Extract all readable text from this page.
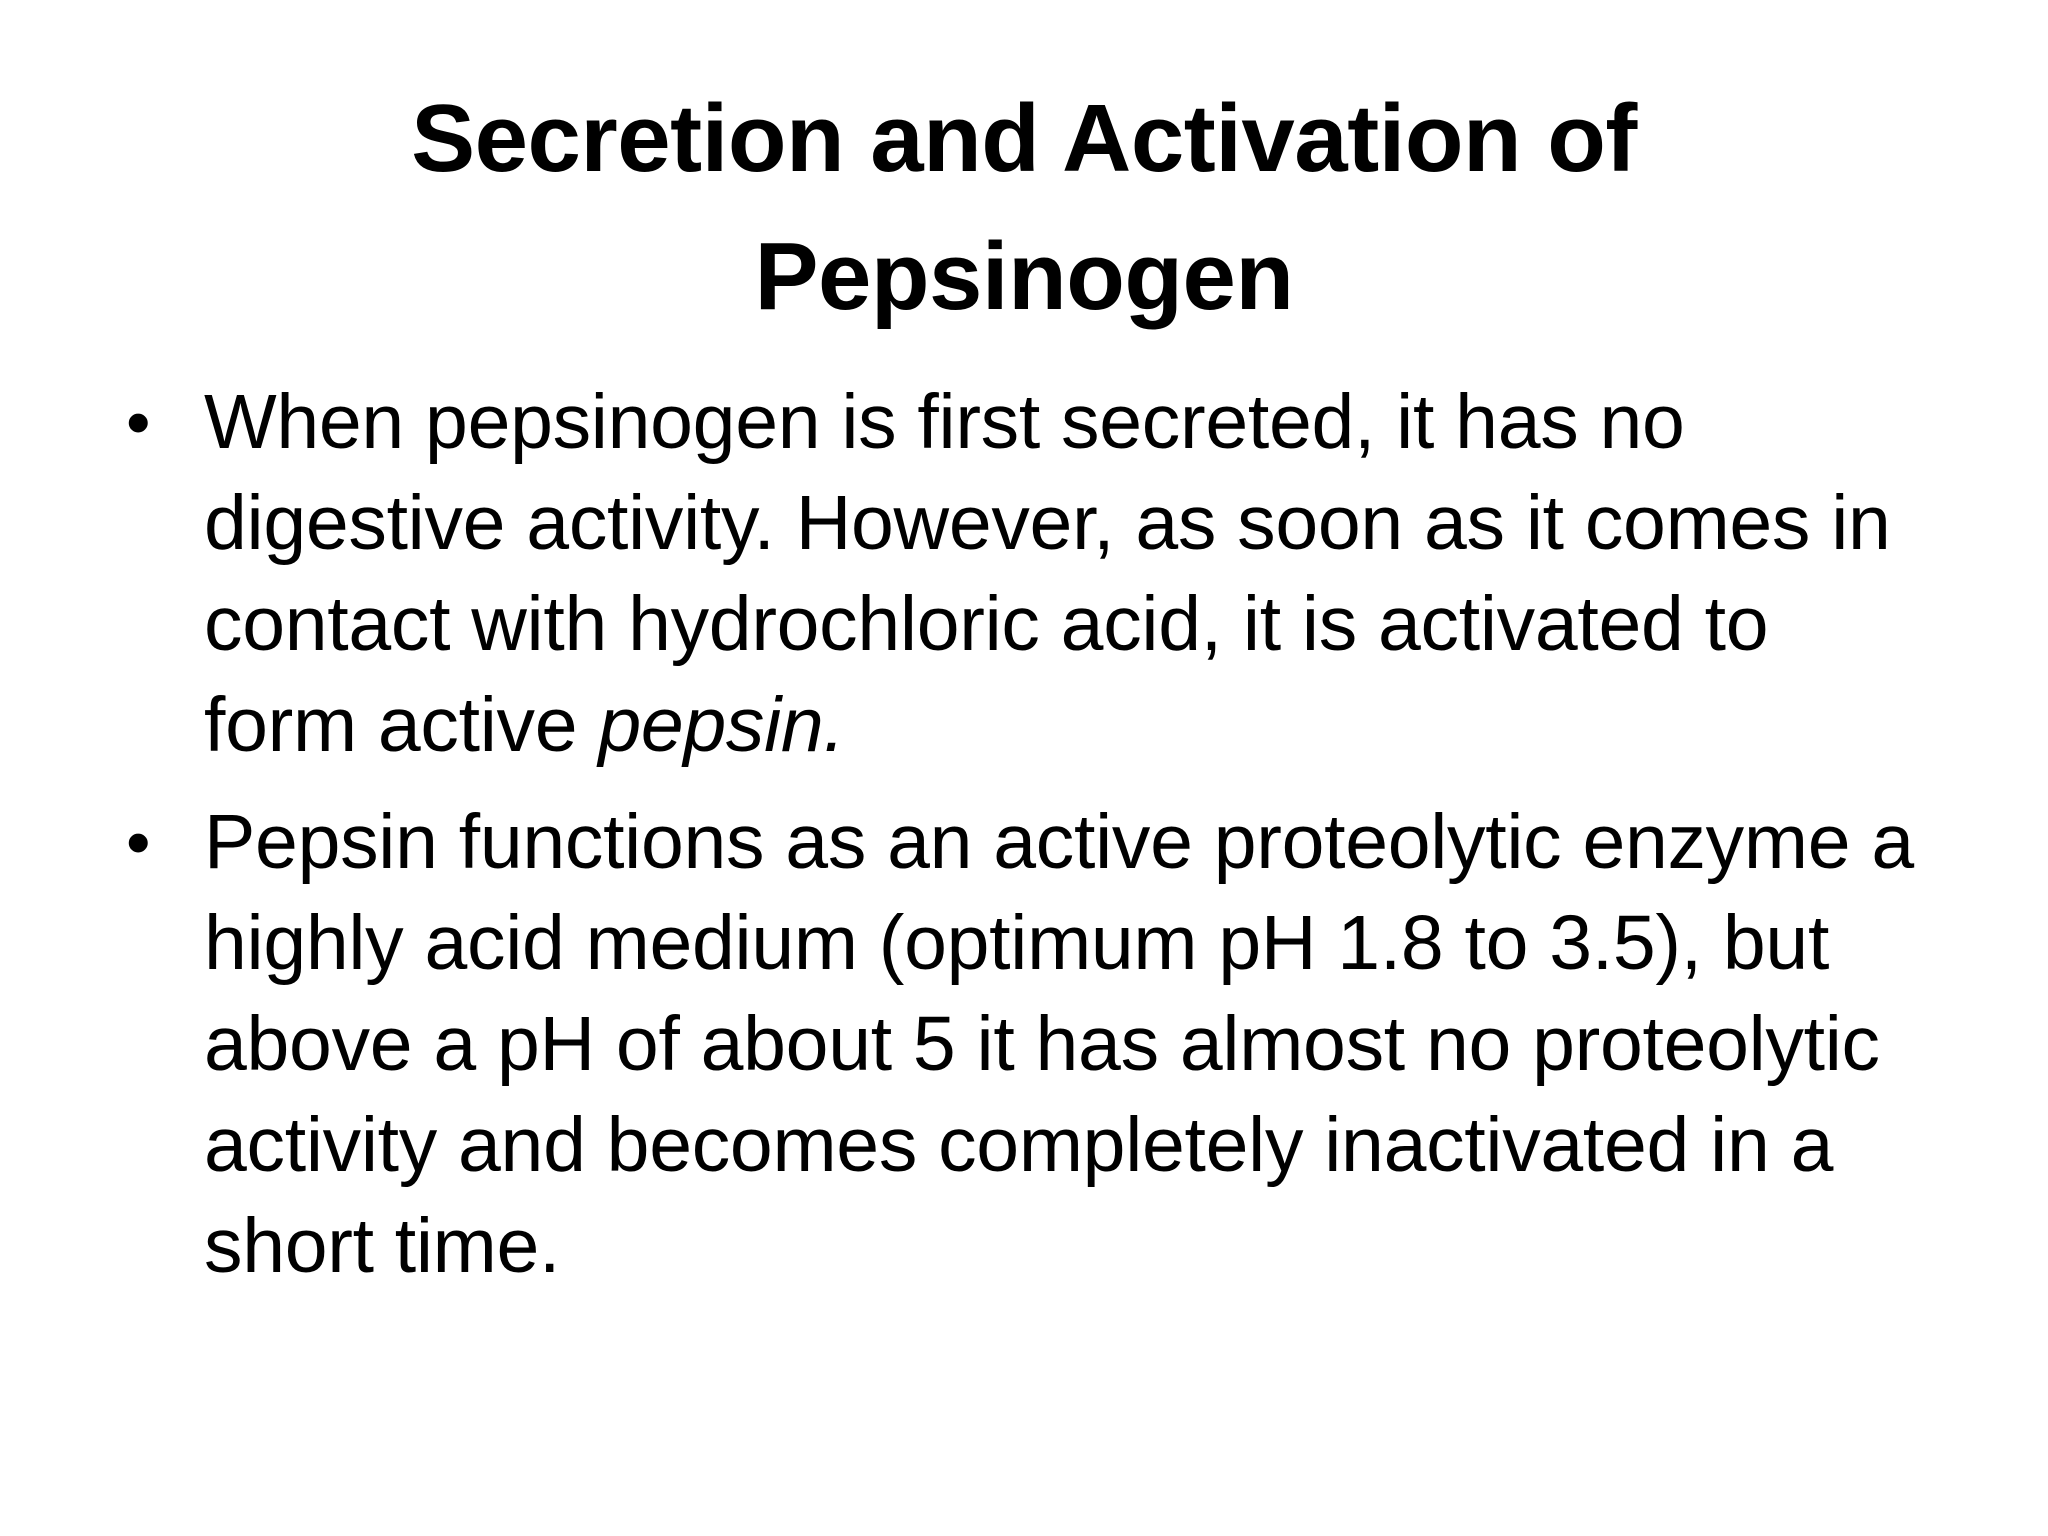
Secretion and Activation of
Pepsinogen
• When pepsinogen is first secreted, it has no digestive activity. However, as soon as it comes in contact with hydrochloric acid, it is activated to form active pepsin.
• Pepsin functions as an active proteolytic enzyme a highly acid medium (optimum pH 1.8 to 3.5), but above a pH of about 5 it has almost no proteolytic activity and becomes completely inactivated in a short time.
